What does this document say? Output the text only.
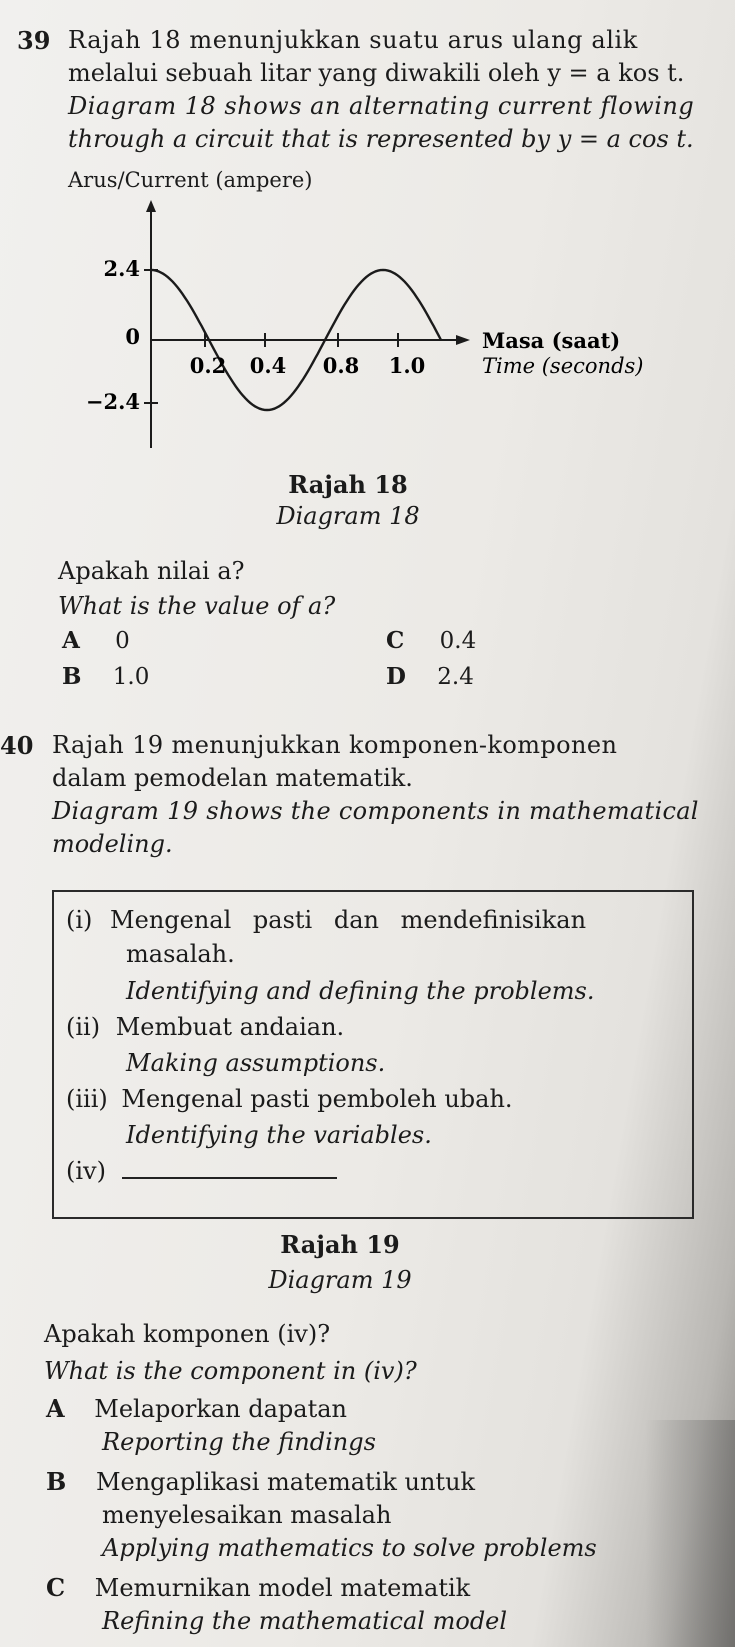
39 Rajah 18 menunjukkan suatu arus ulang alik
melalui sebuah litar yang diwakili oleh y = a kos t.
Diagram 18 shows an alternating current flowing
through a circuit that is represented by y = a cos t.
Arus/Current (ampere)
2.4
0
−2.4
0.2 0.4 0.8 1.0
Masa (saat)
Time (seconds)
Rajah 18
Diagram 18
Apakah nilai a?
What is the value of a?
A 0
B 1.0
C 0.4
D 2.4
40 Rajah 19 menunjukkan komponen-komponen
dalam pemodelan matematik.
Diagram 19 shows the components in mathematical
modeling.
(i) Mengenal pasti dan mendefinisikan
masalah.
Identifying and defining the problems.
(ii) Membuat andaian.
Making assumptions.
(iii) Mengenal pasti pemboleh ubah.
Identifying the variables.
(iv)
Rajah 19
Diagram 19
Apakah komponen (iv)?
What is the component in (iv)?
A Melaporkan dapatan
Reporting the findings
B Mengaplikasi matematik untuk
menyelesaikan masalah
Applying mathematics to solve problems
C Memurnikan model matematik
Refining the mathematical model
